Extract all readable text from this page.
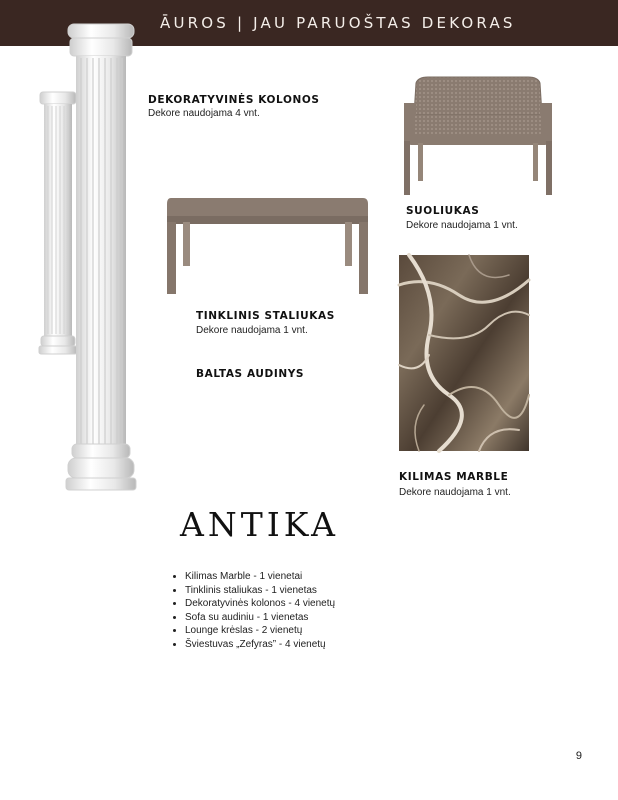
ĀUROS | JAU PARUOŠTAS DEKORAS
DEKORATYVINĖS KOLONOS
Dekore naudojama 4 vnt.
SUOLIUKAS
Dekore naudojama 1 vnt.
TINKLINIS STALIUKAS
Dekore naudojama 1 vnt.
BALTAS AUDINYS
KILIMAS MARBLE
Dekore naudojama 1 vnt.
ANTIKA
• Kilimas Marble - 1 vienetai
• Tinklinis staliukas - 1 vienetas
• Dekoratyvinės kolonos - 4 vienetų
• Sofa su audiniu - 1 vienetas
• Lounge krėslas - 2 vienetų
• Šviestuvas „Zefyras” - 4 vienetų
9
